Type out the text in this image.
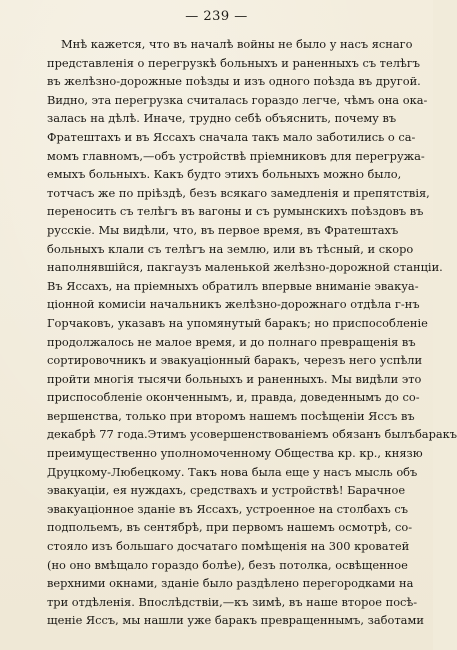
— 239 —
Мнѣ кажется, что въ началѣ войны не было у насъ яснаго
представленія о перегрузкѣ больныхъ и раненныхъ съ телѣгъ
въ желѣзно-дорожные поѣзды и изъ одного поѣзда въ другой.
Видно, эта перегрузка считалась гораздо легче, чѣмъ она ока-
залась на дѣлѣ. Иначе, трудно себѣ объяснить, почему въ
Фратештахъ и въ Яссахъ сначала такъ мало заботились о са-
момъ главномъ,—объ устройствѣ пріемниковъ для перегружа-
емыхъ больныхъ. Какъ будто этихъ больныхъ можно было,
тотчасъ же по пріѣздѣ, безъ всякаго замедленія и препятствія,
переносить съ телѣгъ въ вагоны и съ румынскихъ поѣздовъ въ
русскіе. Мы видѣли, что, въ первое время, въ Фратештахъ
больныхъ клали съ телѣгъ на землю, или въ тѣсный, и скоро
наполнявшійся, пакгаузъ маленькой желѣзно-дорожной станціи.
Въ Яссахъ, на пріемныхъ обратилъ впервые вниманіе эвакуа-
ціонной комисіи начальникъ желѣзно-дорожнаго отдѣла г-нъ
Горчаковъ, указавъ на упомянутый баракъ; но приспособленіе
продолжалось не малое время, и до полнаго превращенія въ
сортировочникъ и эвакуаціонный баракъ, черезъ него успѣли
пройти многія тысячи больныхъ и раненныхъ. Мы видѣли это
приспособленіе оконченнымъ, и, правда, доведеннымъ до со-
вершенства, только при второмъ нашемъ посѣщеніи Яссъ въ
декабрѣ 77 года.Этимъ усовершенствованіемъ обязанъ былъбаракъ
преимущественно уполномоченному Общества кр. кр., князю
Друцкому-Любецкому. Такъ нова была еще у насъ мысль объ
эвакуаціи, ея нуждахъ, средствахъ и устройствѣ! Барачное
эвакуаціонное зданіе въ Яссахъ, устроенное на столбахъ съ
подпольемъ, въ сентябрѣ, при первомъ нашемъ осмотрѣ, со-
стояло изъ большаго досчатаго помѣщенія на 300 кроватей
(но оно вмѣщало гораздо болѣе), безъ потолка, освѣщенное
верхними окнами, зданіе было раздѣлено перегородками на
три отдѣленія. Впослѣдствіи,—къ зимѣ, въ наше второе посѣ-
щеніе Яссъ, мы нашли уже баракъ превращеннымъ, заботами
